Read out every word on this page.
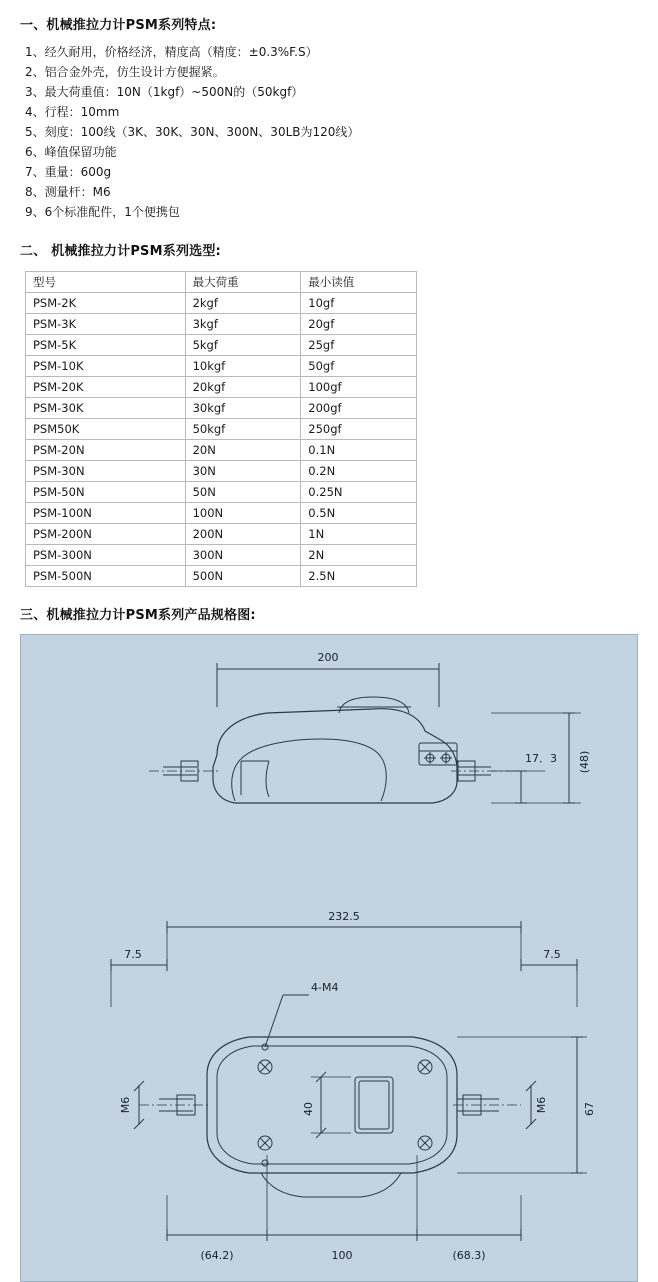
一、机械推拉力计PSM系列特点:
1、经久耐用，价格经济，精度高（精度：±0.3%F.S）
2、铝合金外壳，仿生设计方便握紧。
3、最大荷重值：10N（1kgf）~500N的（50kgf）
4、行程：10mm
5、刻度：100线（3K、30K、30N、300N、30LB为120线）
6、峰值保留功能
7、重量：600g
8、测量杆：M6
9、6个标准配件，1个便携包
二、 机械推拉力计PSM系列选型:
型号	最大荷重	最小读值
PSM-2K	2kgf	10gf
PSM-3K	3kgf	20gf
PSM-5K	5kgf	25gf
PSM-10K	10kgf	50gf
PSM-20K	20kgf	100gf
PSM-30K	30kgf	200gf
PSM50K	50kgf	250gf
PSM-20N	20N	0.1N
PSM-30N	30N	0.2N
PSM-50N	50N	0.25N
PSM-100N	100N	0.5N
PSM-200N	200N	1N
PSM-300N	300N	2N
PSM-500N	500N	2.5N
三、机械推拉力计PSM系列产品规格图:
200
17．3 (48)
232.5
7.5	7.5
4-M4
M6	M6
40	67
(64.2)	100	(68.3)
